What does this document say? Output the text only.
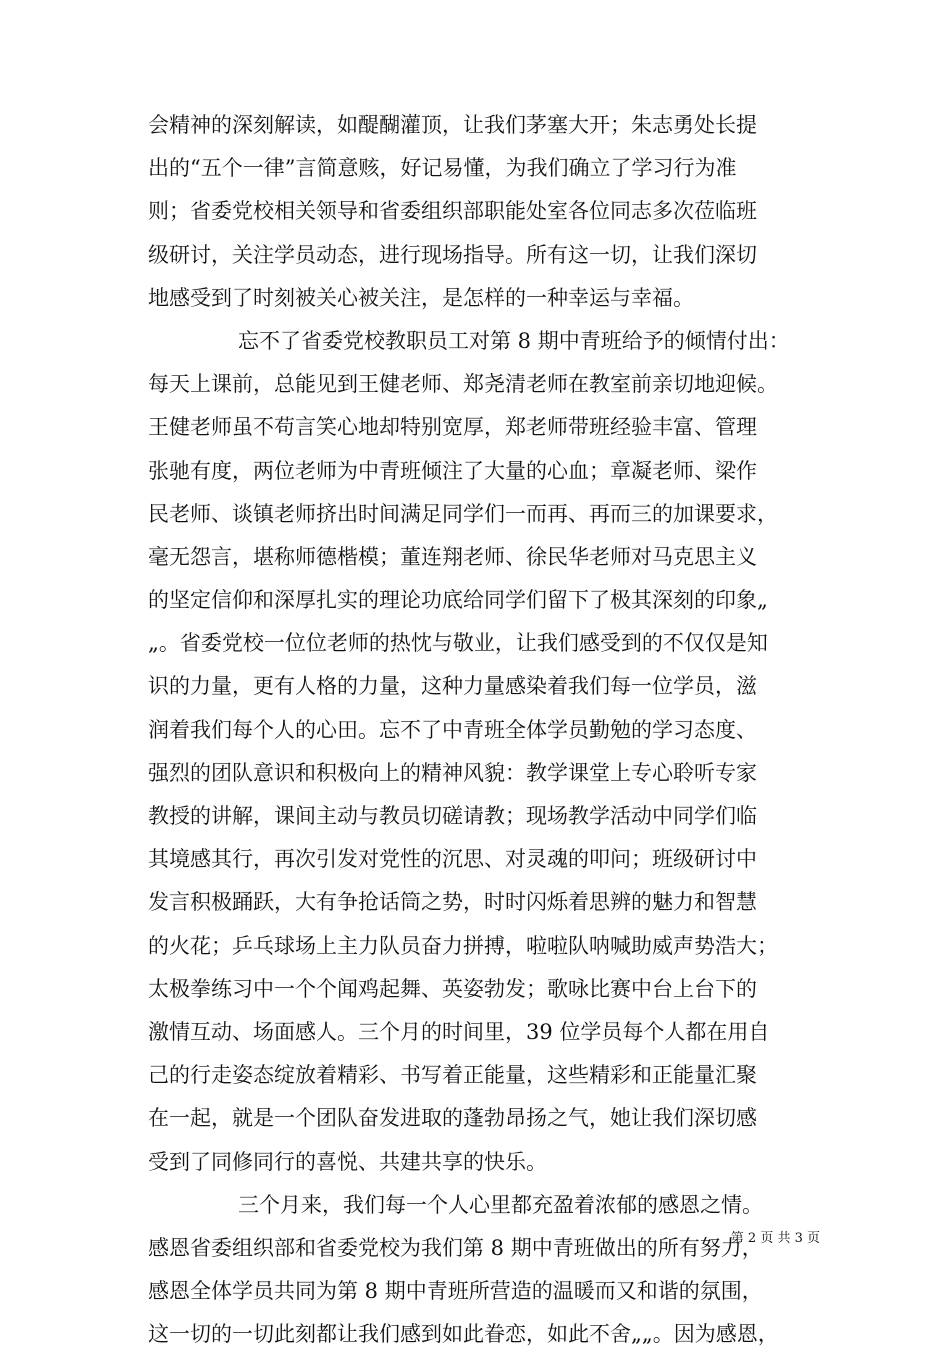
会精神的深刻解读，如醍醐灌顶，让我们茅塞大开；朱志勇处长提
出的“五个一律”言简意赅，好记易懂，为我们确立了学习行为准
则；省委党校相关领导和省委组织部职能处室各位同志多次莅临班
级研讨，关注学员动态，进行现场指导。所有这一切，让我们深切
地感受到了时刻被关心被关注，是怎样的一种幸运与幸福。
忘不了省委党校教职员工对第 8 期中青班给予的倾情付出：
每天上课前，总能见到王健老师、郑尧清老师在教室前亲切地迎候。
王健老师虽不苟言笑心地却特别宽厚，郑老师带班经验丰富、管理
张驰有度，两位老师为中青班倾注了大量的心血；章凝老师、梁作
民老师、谈镇老师挤出时间满足同学们一而再、再而三的加课要求，
毫无怨言，堪称师德楷模；董连翔老师、徐民华老师对马克思主义
的坚定信仰和深厚扎实的理论功底给同学们留下了极其深刻的印象„
„。省委党校一位位老师的热忱与敬业，让我们感受到的不仅仅是知
识的力量，更有人格的力量，这种力量感染着我们每一位学员，滋
润着我们每个人的心田。忘不了中青班全体学员勤勉的学习态度、
强烈的团队意识和积极向上的精神风貌：教学课堂上专心聆听专家
教授的讲解，课间主动与教员切磋请教；现场教学活动中同学们临
其境感其行，再次引发对党性的沉思、对灵魂的叩问；班级研讨中
发言积极踊跃，大有争抢话筒之势，时时闪烁着思辨的魅力和智慧
的火花；乒乓球场上主力队员奋力拼搏，啦啦队呐喊助威声势浩大；
太极拳练习中一个个闻鸡起舞、英姿勃发；歌咏比赛中台上台下的
激情互动、场面感人。三个月的时间里，39 位学员每个人都在用自
己的行走姿态绽放着精彩、书写着正能量，这些精彩和正能量汇聚
在一起，就是一个团队奋发进取的蓬勃昂扬之气，她让我们深切感
受到了同修同行的喜悦、共建共享的快乐。
三个月来，我们每一个人心里都充盈着浓郁的感恩之情。
感恩省委组织部和省委党校为我们第 8 期中青班做出的所有努力，
感恩全体学员共同为第 8 期中青班所营造的温暖而又和谐的氛围，
这一切的一切此刻都让我们感到如此眷恋，如此不舍„„。因为感恩，
第 2 页 共 3 页
